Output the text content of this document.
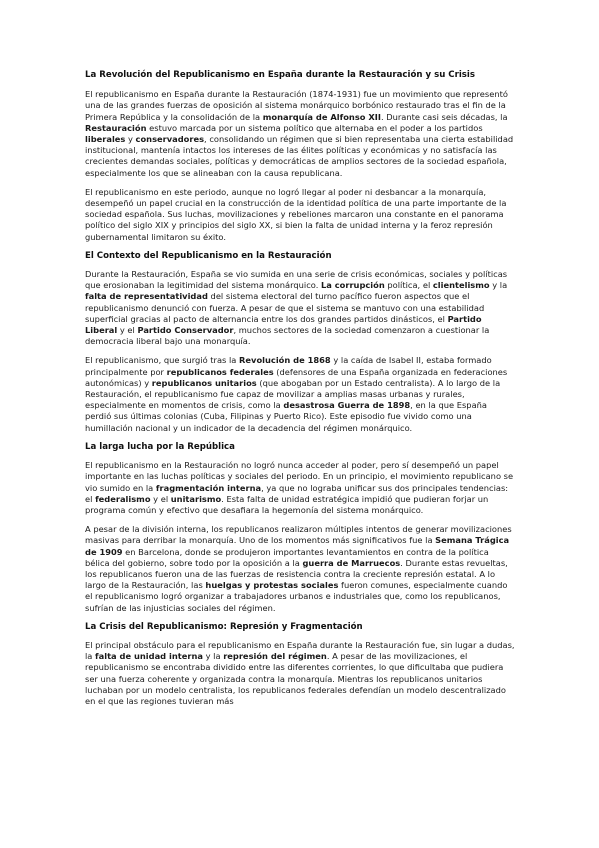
La Revolución del Republicanismo en España durante la Restauración y su Crisis

El republicanismo en España durante la Restauración (1874-1931) fue un movimiento que representó una de las grandes fuerzas de oposición al sistema monárquico borbónico restaurado tras el fin de la Primera República y la consolidación de la monarquía de Alfonso XII. Durante casi seis décadas, la Restauración estuvo marcada por un sistema político que alternaba en el poder a los partidos liberales y conservadores, consolidando un régimen que si bien representaba una cierta estabilidad institucional, mantenía intactos los intereses de las élites políticas y económicas y no satisfacía las crecientes demandas sociales, políticas y democráticas de amplios sectores de la sociedad española, especialmente los que se alineaban con la causa republicana.

El republicanismo en este periodo, aunque no logró llegar al poder ni desbancar a la monarquía, desempeñó un papel crucial en la construcción de la identidad política de una parte importante de la sociedad española. Sus luchas, movilizaciones y rebeliones marcaron una constante en el panorama político del siglo XIX y principios del siglo XX, si bien la falta de unidad interna y la feroz represión gubernamental limitaron su éxito.

El Contexto del Republicanismo en la Restauración

Durante la Restauración, España se vio sumida en una serie de crisis económicas, sociales y políticas que erosionaban la legitimidad del sistema monárquico. La corrupción política, el clientelismo y la falta de representatividad del sistema electoral del turno pacífico fueron aspectos que el republicanismo denunció con fuerza. A pesar de que el sistema se mantuvo con una estabilidad superficial gracias al pacto de alternancia entre los dos grandes partidos dinásticos, el Partido Liberal y el Partido Conservador, muchos sectores de la sociedad comenzaron a cuestionar la democracia liberal bajo una monarquía.

El republicanismo, que surgió tras la Revolución de 1868 y la caída de Isabel II, estaba formado principalmente por republicanos federales (defensores de una España organizada en federaciones autonómicas) y republicanos unitarios (que abogaban por un Estado centralista). A lo largo de la Restauración, el republicanismo fue capaz de movilizar a amplias masas urbanas y rurales, especialmente en momentos de crisis, como la desastrosa Guerra de 1898, en la que España perdió sus últimas colonias (Cuba, Filipinas y Puerto Rico). Este episodio fue vivido como una humillación nacional y un indicador de la decadencia del régimen monárquico.

La larga lucha por la República

El republicanismo en la Restauración no logró nunca acceder al poder, pero sí desempeñó un papel importante en las luchas políticas y sociales del periodo. En un principio, el movimiento republicano se vio sumido en la fragmentación interna, ya que no lograba unificar sus dos principales tendencias: el federalismo y el unitarismo. Esta falta de unidad estratégica impidió que pudieran forjar un programa común y efectivo que desafiara la hegemonía del sistema monárquico.

A pesar de la división interna, los republicanos realizaron múltiples intentos de generar movilizaciones masivas para derribar la monarquía. Uno de los momentos más significativos fue la Semana Trágica de 1909 en Barcelona, donde se produjeron importantes levantamientos en contra de la política bélica del gobierno, sobre todo por la oposición a la guerra de Marruecos. Durante estas revueltas, los republicanos fueron una de las fuerzas de resistencia contra la creciente represión estatal. A lo largo de la Restauración, las huelgas y protestas sociales fueron comunes, especialmente cuando el republicanismo logró organizar a trabajadores urbanos e industriales que, como los republicanos, sufrían de las injusticias sociales del régimen.

La Crisis del Republicanismo: Represión y Fragmentación

El principal obstáculo para el republicanismo en España durante la Restauración fue, sin lugar a dudas, la falta de unidad interna y la represión del régimen. A pesar de las movilizaciones, el republicanismo se encontraba dividido entre las diferentes corrientes, lo que dificultaba que pudiera ser una fuerza coherente y organizada contra la monarquía. Mientras los republicanos unitarios luchaban por un modelo centralista, los republicanos federales defendían un modelo descentralizado en el que las regiones tuvieran más
